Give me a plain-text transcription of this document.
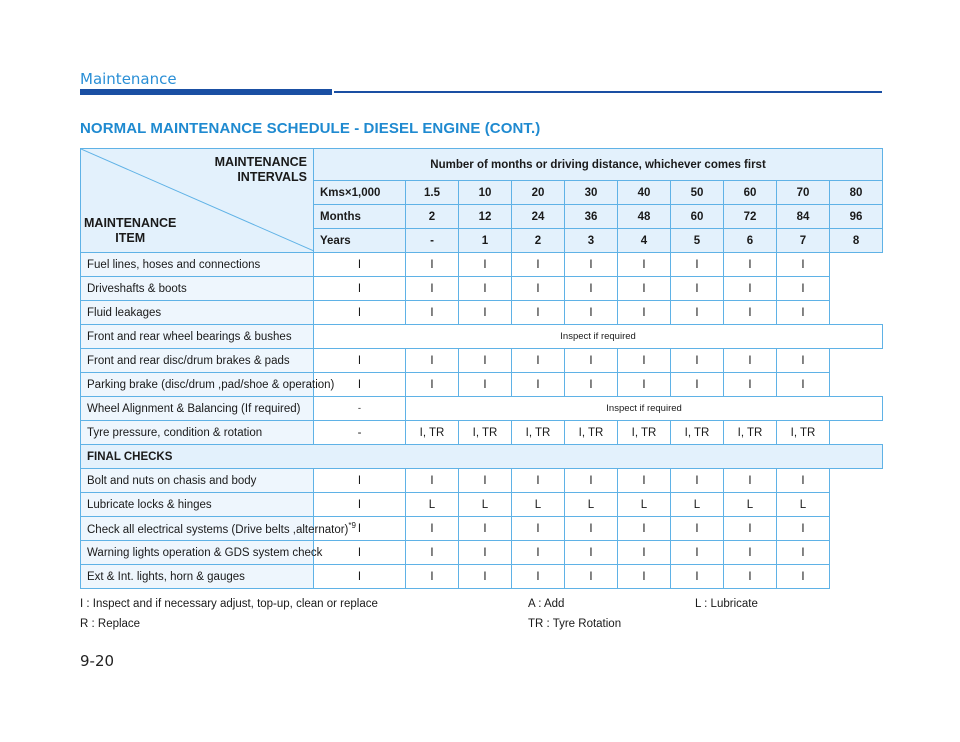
Maintenance
NORMAL MAINTENANCE SCHEDULE - DIESEL ENGINE (CONT.)
MAINTENANCE
INTERVALS
MAINTENANCE
ITEM	Number of months or driving distance, whichever comes first									
	Kms×1,000	1.5	10	20	30	40	50	60	70	80
	Months	2	12	24	36	48	60	72	84	96
	Years	-	1	2	3	4	5	6	7	8
Fuel lines, hoses and connections	I	I	I	I	I	I	I	I	I	
Driveshafts & boots	I	I	I	I	I	I	I	I	I	
Fluid leakages	I	I	I	I	I	I	I	I	I	
Front and rear wheel bearings & bushes	Inspect if required									
Front and rear disc/drum brakes & pads	I	I	I	I	I	I	I	I	I	
Parking brake (disc/drum ,pad/shoe & operation)	I	I	I	I	I	I	I	I	I	
Wheel Alignment & Balancing (If required)	-	Inspect if required								
Tyre pressure, condition & rotation	-	I, TR	I, TR	I, TR	I, TR	I, TR	I, TR	I, TR	I, TR	
FINAL CHECKS										
Bolt and nuts on chasis and body	I	I	I	I	I	I	I	I	I	
Lubricate locks & hinges	I	L	L	L	L	L	L	L	L	
Check all electrical systems (Drive belts ,alternator)$^{*9}$	I	I	I	I	I	I	I	I	I	
Warning lights operation & GDS system check	I	I	I	I	I	I	I	I	I	
Ext & Int. lights, horn & gauges	I	I	I	I	I	I	I	I	I	
I : Inspect and if necessary adjust, top-up, clean or replace
R : Replace
A : Add
TR : Tyre Rotation
L : Lubricate
9-20
